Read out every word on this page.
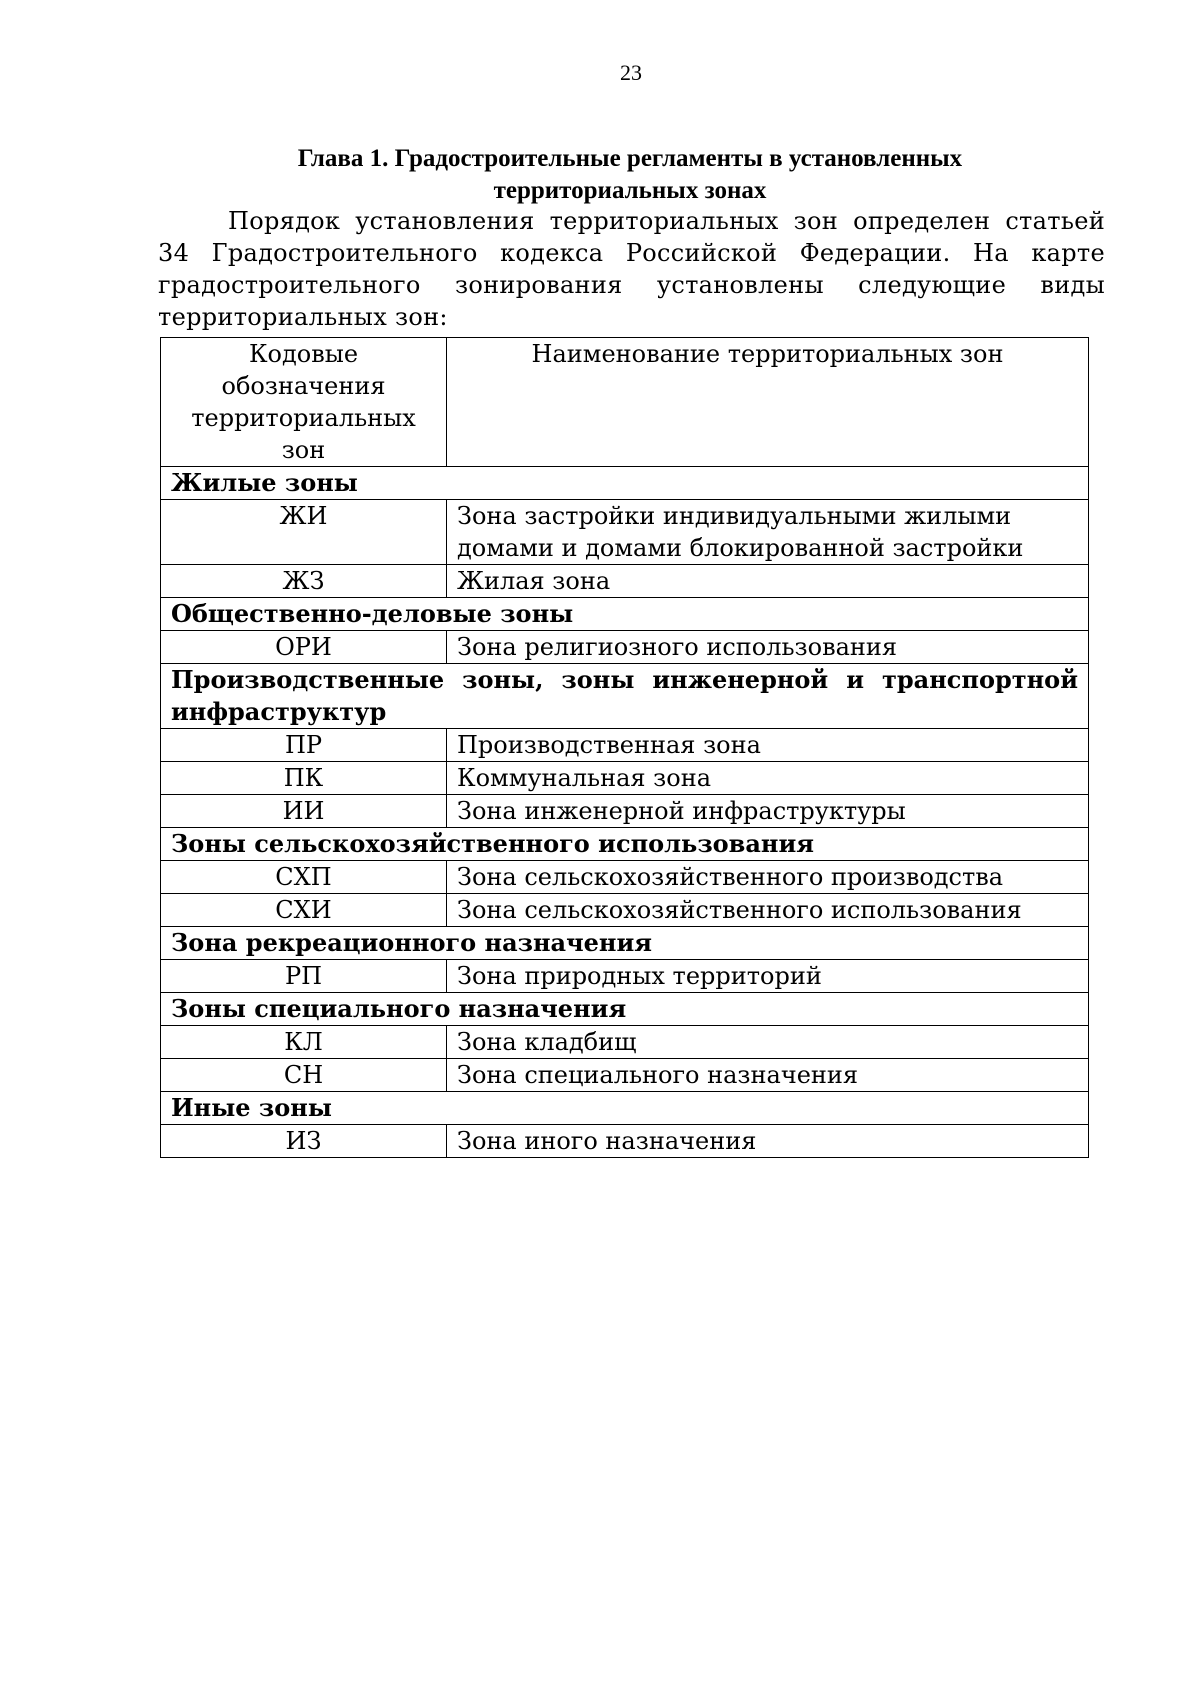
23
Глава 1. Градостроительные регламенты в установленных
территориальных зонах

Порядок установления территориальных зон определен статьей 34 Градостроительного кодекса Российской Федерации. На карте градостроительного зонирования установлены следующие виды территориальных зон:

Кодовые обозначения территориальных зон	Наименование территориальных зон
Жилые зоны	
ЖИ	Зона застройки индивидуальными жилыми домами и домами блокированной застройки
ЖЗ	Жилая зона
Общественно-деловые зоны	
ОРИ	Зона религиозного использования
Производственные зоны, зоны инженерной и транспортной инфраструктур	
ПР	Производственная зона
ПК	Коммунальная зона
ИИ	Зона инженерной инфраструктуры
Зоны сельскохозяйственного использования	
СХП	Зона сельскохозяйственного производства
СХИ	Зона сельскохозяйственного использования
Зона рекреационного назначения	
РП	Зона природных территорий
Зоны специального назначения	
КЛ	Зона кладбищ
СН	Зона специального назначения
Иные зоны	
ИЗ	Зона иного назначения
